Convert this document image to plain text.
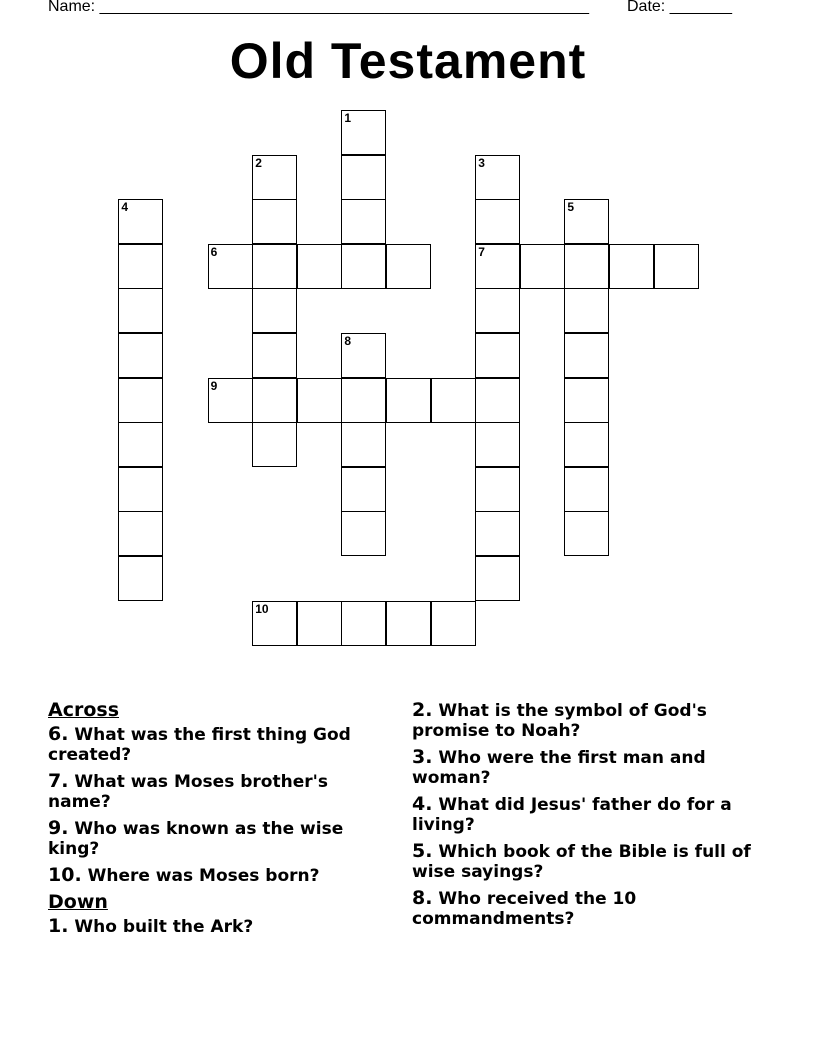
Name: _______________________________________________________ Date: _______
Old Testament
1
2	3
7
4	5
6
8
9
10
Across
6. What was the first thing God created?
7. What was Moses brother's name?
9. Who was known as the wise king?
10. Where was Moses born?
Down
1. Who built the Ark?
2. What is the symbol of God's promise to Noah?
3. Who were the first man and woman?
4. What did Jesus' father do for a living?
5. Which book of the Bible is full of wise sayings?
8. Who received the 10 commandments?
